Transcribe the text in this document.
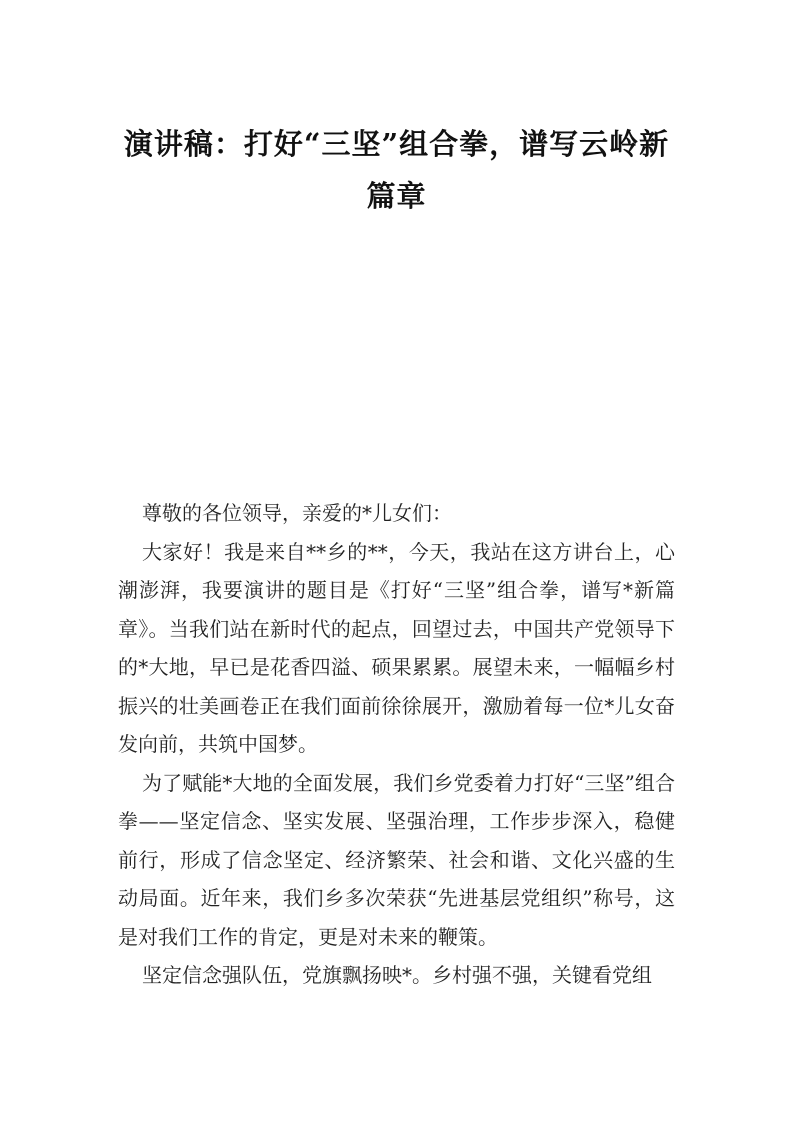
演讲稿：打好“三坚”组合拳，谱写云岭新篇章

尊敬的各位领导，亲爱的*儿女们：

大家好！我是来自**乡的**，今天，我站在这方讲台上，心潮澎湃，我要演讲的题目是《打好“三坚”组合拳，谱写*新篇章》。当我们站在新时代的起点，回望过去，中国共产党领导下的*大地，早已是花香四溢、硕果累累。展望未来，一幅幅乡村振兴的壮美画卷正在我们面前徐徐展开，激励着每一位*儿女奋发向前，共筑中国梦。

为了赋能*大地的全面发展，我们乡党委着力打好“三坚”组合拳——坚定信念、坚实发展、坚强治理，工作步步深入，稳健前行，形成了信念坚定、经济繁荣、社会和谐、文化兴盛的生动局面。近年来，我们乡多次荣获“先进基层党组织”称号，这是对我们工作的肯定，更是对未来的鞭策。

坚定信念强队伍，党旗飘扬映*。乡村强不强，关键看党组
